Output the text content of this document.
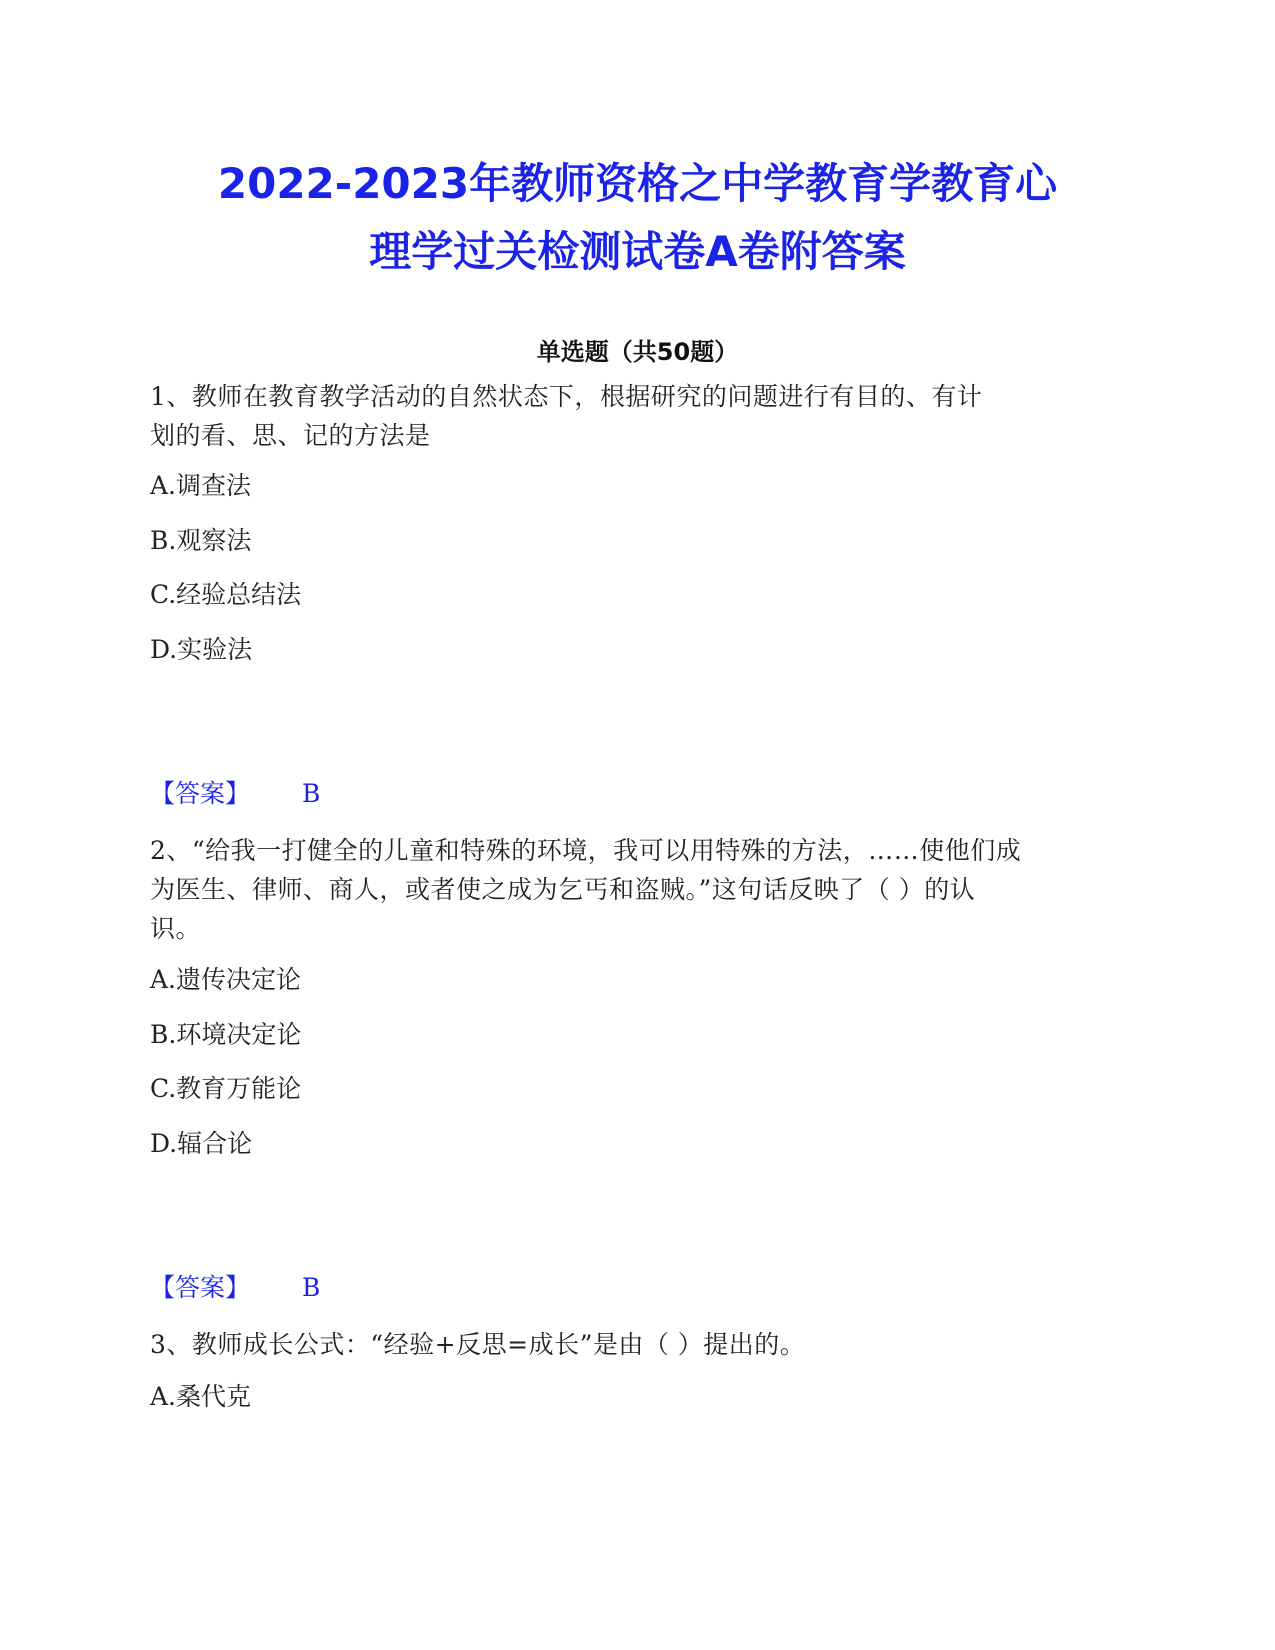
2022-2023年教师资格之中学教育学教育心
理学过关检测试卷A卷附答案
单选题（共50题）
1、教师在教育教学活动的自然状态下，根据研究的问题进行有目的、有计
划的看、思、记的方法是
A.调查法
B.观察法
C.经验总结法
D.实验法
【答案】 B
2、“给我一打健全的儿童和特殊的环境，我可以用特殊的方法，……使他们成
为医生、律师、商人，或者使之成为乞丐和盗贼。”这句话反映了（ ）的认
识。
A.遗传决定论
B.环境决定论
C.教育万能论
D.辐合论
【答案】 B
3、教师成长公式：“经验+反思=成长”是由（ ）提出的。
A.桑代克
